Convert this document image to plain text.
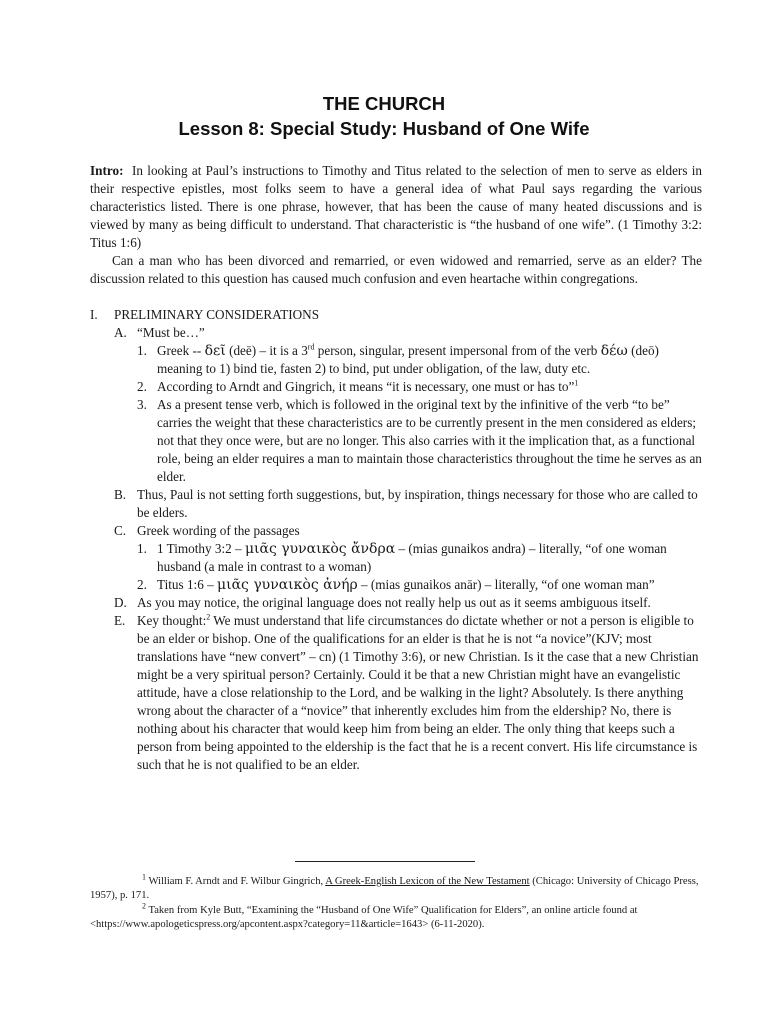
THE CHURCH
Lesson 8: Special Study: Husband of One Wife

Intro: In looking at Paul’s instructions to Timothy and Titus related to the selection of men to serve as elders in their respective epistles, most folks seem to have a general idea of what Paul says regarding the various characteristics listed. There is one phrase, however, that has been the cause of many heated discussions and is viewed by many as being difficult to understand. That characteristic is “the husband of one wife”. (1 Timothy 3:2: Titus 1:6)

Can a man who has been divorced and remarried, or even widowed and remarried, serve as an elder? The discussion related to this question has caused much confusion and even heartache within congregations.

I.	PRELIMINARY CONSIDERATIONS
A. “Must be…”
1. Greek -- δεῖ (deē) – it is a 3rd person, singular, present impersonal from of the verb δέω (deō) meaning to 1) bind tie, fasten 2) to bind, put under obligation, of the law, duty etc.
2. According to Arndt and Gingrich, it means “it is necessary, one must or has to”$^1$
3. As a present tense verb, which is followed in the original text by the infinitive of the verb “to be” carries the weight that these characteristics are to be currently present in the men considered as elders; not that they once were, but are no longer. This also carries with it the implication that, as a functional role, being an elder requires a man to maintain those characteristics throughout the time he serves as an elder.
B. Thus, Paul is not setting forth suggestions, but, by inspiration, things necessary for those who are called to be elders.
C. Greek wording of the passages
1. 1 Timothy 3:2 – μιᾶς γυναικὸς ἄνδρα – (mias gunaikos andra) – literally, “of one woman husband (a male in contrast to a woman)
2. Titus 1:6 – μιᾶς γυναικὸς ἀνήρ – (mias gunaikos anār) – literally, “of one woman man”
D. As you may notice, the original language does not really help us out as it seems ambiguous itself.
E. Key thought:$^2$ We must understand that life circumstances do dictate whether or not a person is eligible to be an elder or bishop. One of the qualifications for an elder is that he is not “a novice”(KJV; most translations have “new convert” – cn) (1 Timothy 3:6), or new Christian. Is it the case that a new Christian might be a very spiritual person? Certainly. Could it be that a new Christian might have an evangelistic attitude, have a close relationship to the Lord, and be walking in the light? Absolutely. Is there anything wrong about the character of a “novice” that inherently excludes him from the eldership? No, there is nothing about his character that would keep him from being an elder. The only thing that keeps such a person from being appointed to the eldership is the fact that he is a recent convert. His life circumstance is such that he is not qualified to be an elder.
$^1$ William F. Arndt and F. Wilbur Gingrich, A Greek-English Lexicon of the New Testament (Chicago: University of Chicago Press, 1957), p. 171.
$^2$ Taken from Kyle Butt, “Examining the “Husband of One Wife” Qualification for Elders”, an online article found at <https://www.apologeticspress.org/apcontent.aspx?category=11&article=1643> (6-11-2020).
